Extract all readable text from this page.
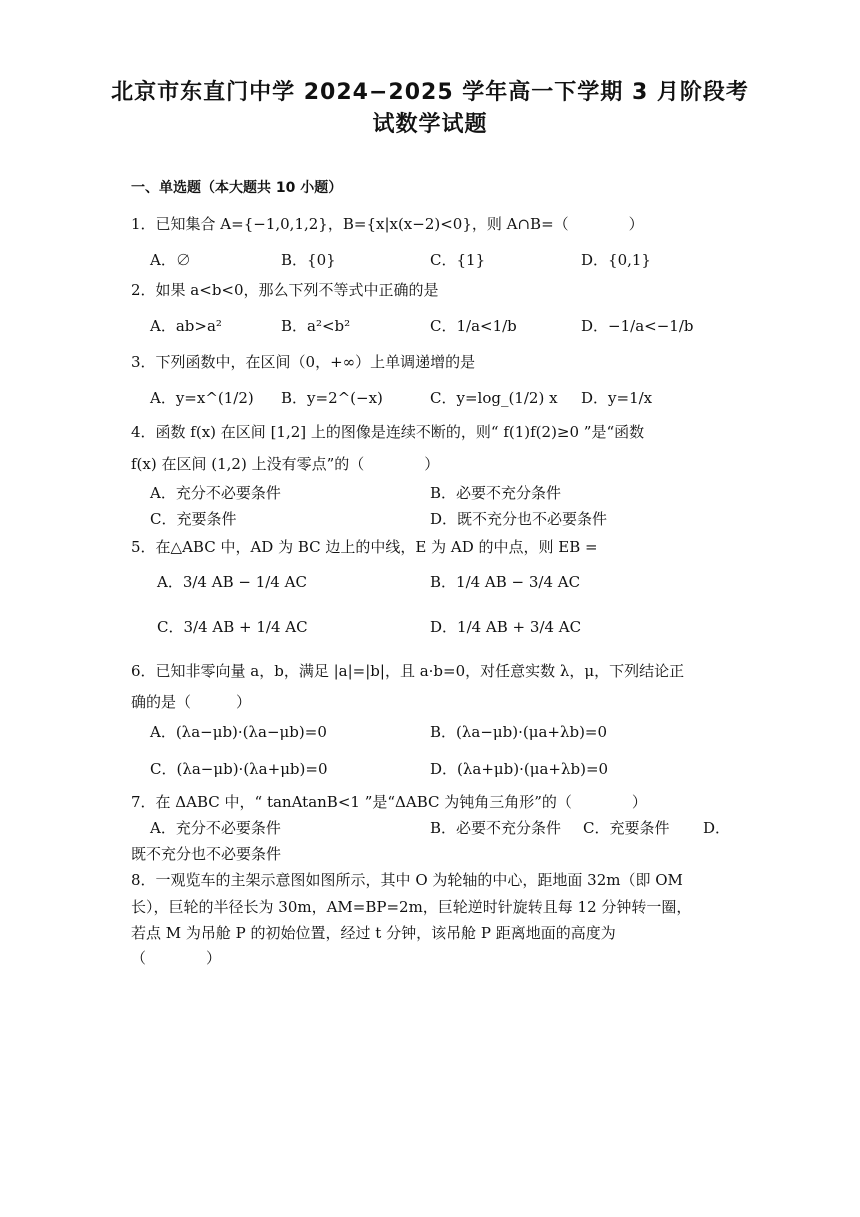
北京市东直门中学 2024−2025 学年高一下学期 3 月阶段考
试数学试题
一、单选题（本大题共 10 小题）
1．已知集合 A={−1,0,1,2}，B={x|x(x−2)<0}，则 A∩B=（　　　　）
A．∅	B．{0}	C．{1}	D．{0,1}
2．如果 a<b<0，那么下列不等式中正确的是
A．ab>a²	B．a²<b²	C．1/a<1/b	D．−1/a<−1/b
3．下列函数中，在区间（0，+∞）上单调递增的是
A．y=x^(1/2) B．y=2^(−x)	C．y=log_(1/2) x D．y=1/x
4．函数 f(x) 在区间 [1,2] 上的图像是连续不断的，则“ f(1)f(2)≥0 ”是“函数
f(x) 在区间 (1,2) 上没有零点”的（　　　　）
A．充分不必要条件	B．必要不充分条件
C．充要条件	D．既不充分也不必要条件
5．在△ABC 中，AD 为 BC 边上的中线，E 为 AD 的中点，则 EB =
A．3/4 AB − 1/4 AC	B．1/4 AB − 3/4 AC
C．3/4 AB + 1/4 AC	D．1/4 AB + 3/4 AC
6．已知非零向量 a，b，满足 |a|=|b|，且 a·b=0，对任意实数 λ，μ，下列结论正
确的是（　　　）
A．(λa−μb)·(λa−μb)=0	B．(λa−μb)·(μa+λb)=0
C．(λa−μb)·(λa+μb)=0	D．(λa+μb)·(μa+λb)=0
7．在 ΔABC 中，“ tanAtanB<1 ”是“ΔABC 为钝角三角形”的（　　　　）
A．充分不必要条件	B．必要不充分条件 C．充要条件 D．
既不充分也不必要条件
8．一观览车的主架示意图如图所示，其中 O 为轮轴的中心，距地面 32m（即 OM
长），巨轮的半径长为 30m，AM=BP=2m，巨轮逆时针旋转且每 12 分钟转一圈，
若点 M 为吊舱 P 的初始位置，经过 t 分钟，该吊舱 P 距离地面的高度为
（　　　　）
